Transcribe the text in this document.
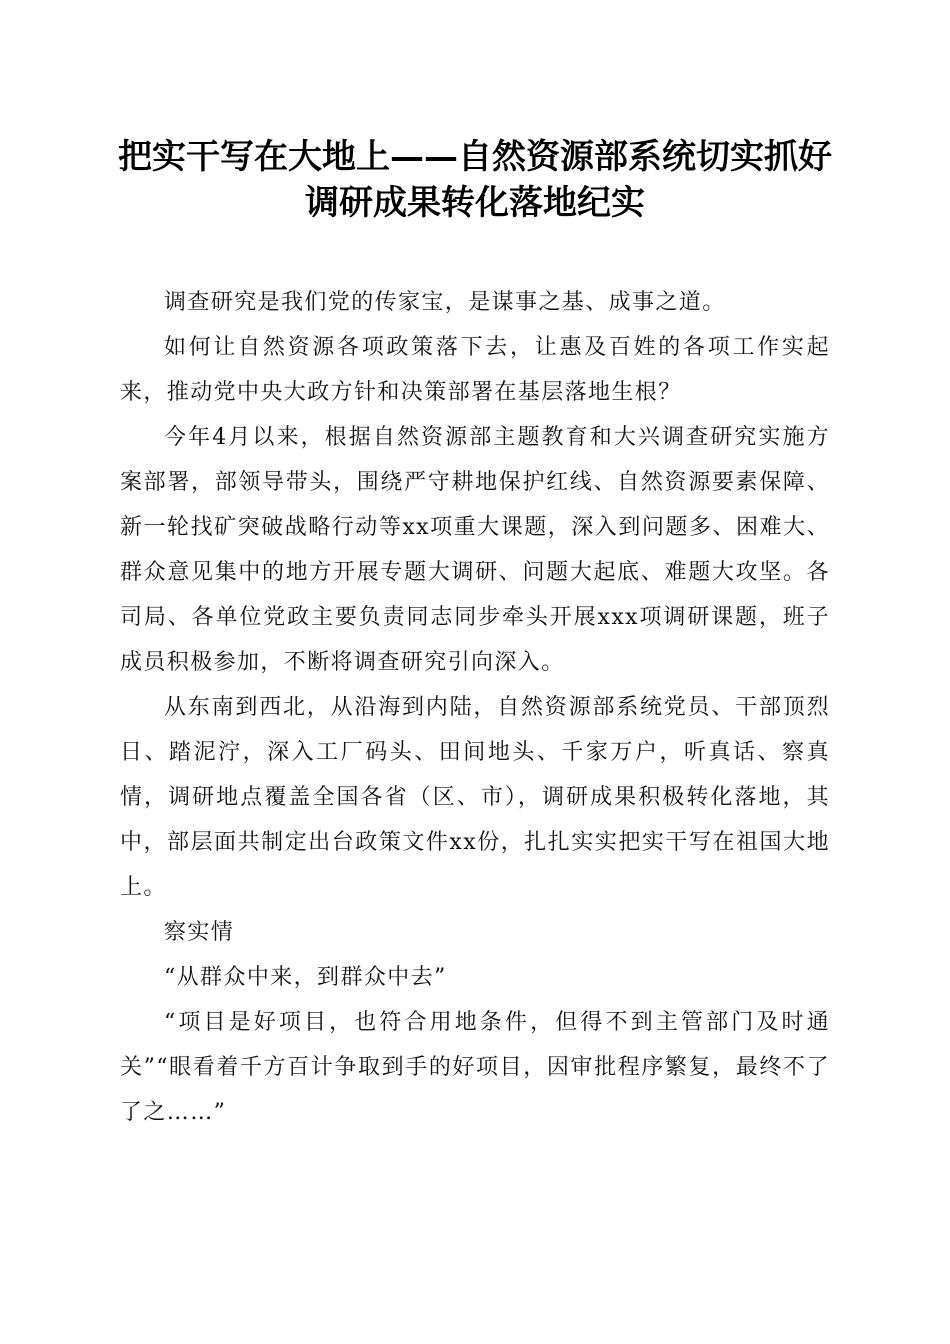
把实干写在大地上——自然资源部系统切实抓好调研成果转化落地纪实

调查研究是我们党的传家宝，是谋事之基、成事之道。

如何让自然资源各项政策落下去，让惠及百姓的各项工作实起来，推动党中央大政方针和决策部署在基层落地生根？

今年4月以来，根据自然资源部主题教育和大兴调查研究实施方案部署，部领导带头，围绕严守耕地保护红线、自然资源要素保障、新一轮找矿突破战略行动等xx项重大课题，深入到问题多、困难大、群众意见集中的地方开展专题大调研、问题大起底、难题大攻坚。各司局、各单位党政主要负责同志同步牵头开展xxx项调研课题，班子成员积极参加，不断将调查研究引向深入。

从东南到西北，从沿海到内陆，自然资源部系统党员、干部顶烈日、踏泥泞，深入工厂码头、田间地头、千家万户，听真话、察真情，调研地点覆盖全国各省（区、市），调研成果积极转化落地，其中，部层面共制定出台政策文件xx份，扎扎实实把实干写在祖国大地上。

察实情

“从群众中来，到群众中去”

“项目是好项目，也符合用地条件，但得不到主管部门及时通关”“眼看着千方百计争取到手的好项目，因审批程序繁复，最终不了了之……”
